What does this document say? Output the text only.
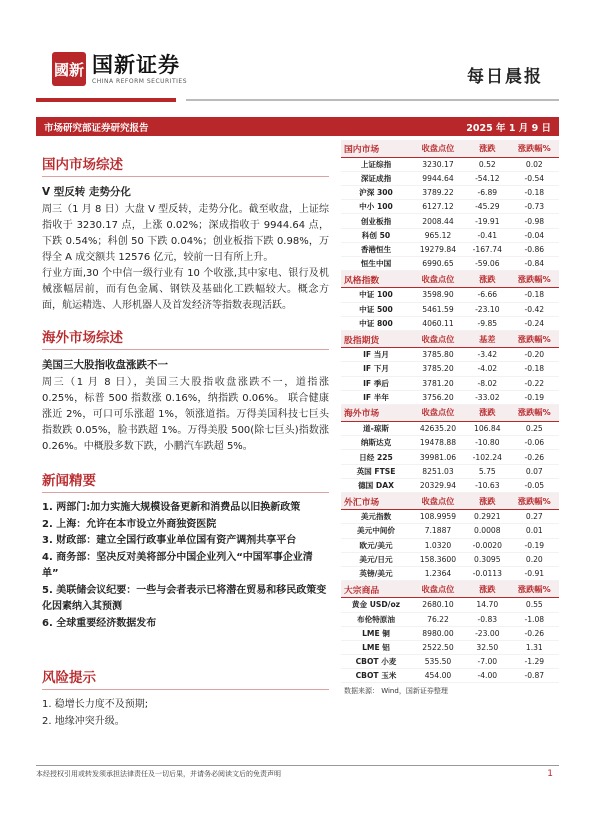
國新 国新证券
CHINA REFORM SECURITIES	每日晨报
市场研究部证券研究报告	2025 年 1 月 9 日
国内市场综述
V 型反转 走势分化
周三（1 月 8 日）大盘 V 型反转，走势分化。截至收盘，上证综指收于 3230.17 点，上涨 0.02%；深成指收于 9944.64 点，下跌 0.54%；科创 50 下跌 0.04%；创业板指下跌 0.98%，万得全 A 成交额共 12576 亿元，较前一日有所上升。
行业方面,30 个中信一级行业有 10 个收涨,其中家电、银行及机械涨幅居前，而有色金属、钢铁及基础化工跌幅较大。概念方面，航运精选、人形机器人及首发经济等指数表现活跃。
海外市场综述
美国三大股指收盘涨跌不一
周三（1 月 8 日），美国三大股指收盘涨跌不一，道指涨 0.25%，标普 500 指数涨 0.16%，纳指跌 0.06%。 联合健康涨近 2%，可口可乐涨超 1%，领涨道指。万得美国科技七巨头指数跌 0.05%，脸书跌超 1%。万得美股 500(除七巨头)指数涨 0.26%。中概股多数下跌，小鹏汽车跌超 5%。
新闻精要
1. 两部门:加力实施大规模设备更新和消费品以旧换新政策
2. 上海：允许在本市设立外商独资医院
3. 财政部：建立全国行政事业单位国有资产调剂共享平台
4. 商务部：坚决反对美将部分中国企业列入“中国军事企业清单”
5. 美联储会议纪要：一些与会者表示已将潜在贸易和移民政策变化因素纳入其预测
6. 全球重要经济数据发布
风险提示
1. 稳增长力度不及预期;
2. 地缘冲突升级。
国内市场	收盘点位	涨跌	涨跌幅%
上证综指	3230.17	0.52	0.02
深证成指	9944.64	-54.12	-0.54
沪深 300	3789.22	-6.89	-0.18
中小 100	6127.12	-45.29	-0.73
创业板指	2008.44	-19.91	-0.98
科创 50	965.12	-0.41	-0.04
香港恒生	19279.84	-167.74	-0.86
恒生中国	6990.65	-59.06	-0.84
风格指数	收盘点位	涨跌	涨跌幅%
中证 100	3598.90	-6.66	-0.18
中证 500	5461.59	-23.10	-0.42
中证 800	4060.11	-9.85	-0.24
股指期货	收盘点位	基差	涨跌幅%
IF 当月	3785.80	-3.42	-0.20
IF 下月	3785.20	-4.02	-0.18
IF 季后	3781.20	-8.02	-0.22
IF 半年	3756.20	-33.02	-0.19
海外市场	收盘点位	涨跌	涨跌幅%
道-琼斯	42635.20	106.84	0.25
纳斯达克	19478.88	-10.80	-0.06
日经 225	39981.06	-102.24	-0.26
英国 FTSE	8251.03	5.75	0.07
德国 DAX	20329.94	-10.63	-0.05
外汇市场	收盘点位	涨跌	涨跌幅%
美元指数	108.9959	0.2921	0.27
美元中间价	7.1887	0.0008	0.01
欧元/美元	1.0320	-0.0020	-0.19
美元/日元	158.3600	0.3095	0.20
英镑/美元	1.2364	-0.0113	-0.91
大宗商品	收盘点位	涨跌	涨跌幅%
黄金 USD/oz	2680.10	14.70	0.55
布伦特原油	76.22	-0.83	-1.08
LME 铜	8980.00	-23.00	-0.26
LME 铝	2522.50	32.50	1.31
CBOT 小麦	535.50	-7.00	-1.29
CBOT 玉米	454.00	-4.00	-0.87
数据来源： Wind，国新证券整理
本经授权引用或转发须承担法律责任及一切后果，并请务必阅读文后的免责声明	1
